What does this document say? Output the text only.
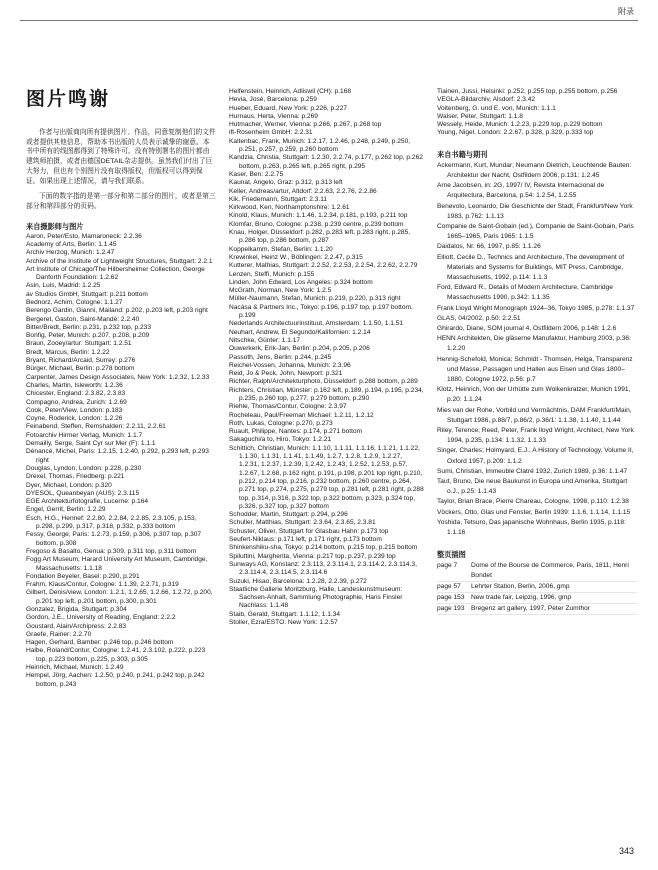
附录
图片鸣谢

作者与出版商向所有提供图片、作品，同意复制他们的文件或者提供其他信息，帮助本书出版的人员表示诚挚的谢意。本书中所有的线图都得到了特殊许可。没有特别署名的图片都由建筑师拍摄，或者由德国DETAIL杂志提供。虽然我们付出了巨大努力，但也有个别图片没有取得版权，但版权可以得到保证。如果出现上述情况，请与我们联系。

下面的数字指的是第一部分和第二部分的图片，或者是第三部分和第四部分的页码。

来自摄影师与图片

Aaron, Peter/Esto, Mamaroneck: 2.2.36

Academy of Arts, Berlin: 1.1.45

Archiv Herzog, Munich: 1.2.47

Archive of the Institute of Lightweight Structures, Stuttgart: 2.2.1

Art Institute of Chicago/The Hilbersheimer Collection, George Danforth Foundation: 1.2.62

Asin, Luis, Madrid: 1.2.25

av Studios GmbH, Stuttgart: p.211 bottom

Bednorz, Achim, Cologne: 1.1.27

Berengo Gardin, Gianni, Mailand: p.202, p.203 left, p.203 right

Bergeret, Gaston, Saint-Mandé: 2.2.40

Bitter/Bredt, Berlin: p.231, p.232 top, p.233

Bonfig, Peter, Munich: p.207, p.208, p.209

Braun, Zooey/artur: Stuttgart: 1.2.51

Bredt, Marcus, Berlin: 1.2.22

Bryant, Richard/Arcaid, Surrey: p.276

Bürger, Michael, Berlin: p.278 bottom

Carpenter, James Design Associates, New York: 1.2.32, 1.2.33

Charles, Martin, Isleworth: 1.2.36

Chicester, England: 2.3.82, 2.3.83

Compagno, Andrea, Zurich: 1.2.69

Cook, Peter/View, London: p.183

Coyne, Roderick, London: 1.2.26

Feinabend, Steffen, Remshalden: 2.2.11, 2.2.61

Fotoarchiv Hirmer Verlag, Munich: 1.1.7

Demailly, Serge, Saint Cyr sur Mer (F): 1.1.1

Dénancé, Michel, Paris: 1.2.15, 1.2.40, p.292, p.293 left, p.293 right

Douglas, Lyndon, London: p.228, p.230

Drexel, Thomas, Friedberg: p.221

Dyer, Michael, London: p.320

DYESOL, Queanbeyan (AUS): 2.3.115

EGE Architekturfotografie, Lucerne: p.164

Engel, Gerrit, Berlin: 1.2.29

Esch, H.G., Hennef: 2.2.80, 2.2.84, 2.2.85, 2.3.105, p.153, p.298, p.299, p.317, p.318, p.332, p.333 bottom

Fessy, George, Paris: 1.2.73, p.159, p.306, p.307 top, p.307 bottom, p.308

Fregoso & Basalto, Genua: p.309, p.311 top, p.311 bottom

Fogg Art Museum, Harard University Art Museum, Cambridge, Massachusetts: 1.1.18

Fondation Beyeler, Basel: p.290, p.291

Frahm, Klaus/Contur, Cologne: 1.1.39, 2.2.71, p.319

Gilbert, Denis/view, London: 1.2.1, 1.2.65, 1.2.66, 1.2.72, p.200, p.201 top left, p.201 bottom, p.300, p.301

Gonzalez, Brigida, Stuttgart: p.304

Gordon, J.E., University of Reading, England: 2.2.2

Goustard, Alain/Archipress: 2.2.83

Graefe, Rainer: 2.2.70

Hagen, Gerhard, Bamber: p.246 top, p.246 bottom

Halbe, Roland/Contur, Cologne: 1.2.41, 2.3.102, p.222, p.223 top, p.223 bottom, p.225, p.303, p.305

Heinrich, Michael, Munich: 1.2.49

Hempel, Jörg, Aachen: 1.2.50, p.240, p.241, p.242 top, p.242 bottom, p.243

Helfenstein, Heinrich, Adliswil (CH): p.168

Hevia, José, Barcelona: p.259

Hueber, Eduard, New York: p.226, p.227

Hurnaus, Herta, Vienna: p.269

Hutmacher, Werner, Vienna: p.266, p.267, p.268 top

ift-Rosenheim GmbH: 2.2.31

Kaltenbac, Frank, Munich: 1.2.17, 1.2.46, p.248, p.249, p.250, p.251, p.257, p.259, p.260 bottom

Kandzia, Christia, Stuttgart: 1.2.30, 2.2.74, p.177, p.262 top, p.262 bottom, p.263, p.265 left, p.265 right, p.295

Kaser, Ben: 2.2.75

Kaunat, Angelo, Graz: p.312, p.313 left

Keller, Andreas/artur, Altdorf: 2.2.63, 2.2.76, 2.2.86

Kik, Friedemann, Stuttgart: 2.3.11

Kirkwood, Ken, Northamptonshire: 1.2.61

Kinold, Klaus, Munich: 1.1.46, 1.2.34, p.181, p.193, p.211 top

Klomfar, Bruno, Cologne: p.238, p.239 centre, p.239 bottom

Knau, Holger, Düsseldorf: p.282, p.283 left, p.283 right, p.285, p.286 top, p.286 bottom, p.287

Koppelkamm, Stefan, Berlin: 1.1.20

Krewinkel, Heinz W., Böblingen: 2.2.47, p.315

Kutterer, Mathias, Stuttgart: 2.2.52, 2.2.53, 2.2.54, 2.2.62, 2.2.79

Lenzen, Steffi, Munich: p.155

Linden, John Edward, Los Angeles: p.324 bottom

McGrath, Norman, New York: 1.2.5

Müller-Naumann, Stefan, Munich: p.219, p.220, p.313 right

Nacása & Partners Inc., Tokyo: p.196, p.197 top, p.197 bottom, p.199

Nederlands Architectuurinstituut, Amsterdam: 1.1.50, 1.1.51

Neuhart, Andrew, El Segundo/Kalifornien: 1.2.14

Nitschke, Günter: 1.1.17

Ouwerkerk, Erik-Jan, Berlin: p.204, p.205, p.206

Passoth, Jens, Berlin: p.244, p.245

Reichel-Vossen, Johanna, Munich: 2.3.96

Reid, Jo & Peck, John, Newport: p.321

Richter, Ralph/Architekturphoto, Düsseldorf: p.288 bottom, p.289

Richters, Christian, Münster: p.162 left, p.189, p.194, p.195, p.234, p.235, p.260 top, p.277, p.279 bottom, p.290

Riehle, Thomas/Contur, Cologne: 2.3.97

Rocheleau, Paul/Freeman Michael: 1.2.11, 1.2.12

Roth, Lukas, Cologne: p.270, p.273

Ruault, Philippe, Nantes: p.174, p.271 bottom

Sakaguchi/a to, Hiro, Tokyo: 1.2.21

Schittich, Christian, Munich: 1.1.10, 1.1.11, 1.1.16, 1.1.21, 1.1.22, 1.1.30, 1.1.31, 1.1.41, 1.1.49, 1.2.7, 1.2.8, 1.2.9, 1.2.27, 1.2.31, 1.2.37, 1.2.39, 1.2.42, 1.2.43, 1.2.52, 1.2.53, p.57, 1.2.67, 1.2.68, p.162 right, p.191, p.198, p.201 top right, p.210, p.212, p.214 top, p.216, p.232 bottom, p.260 centre, p.264, p.271 top, p.274, p.275, p.279 top, p.281 left, p.281 right, p.288 top, p.314, p.316, p.322 top, p.322 bottom, p.323, p.324 top, p.326, p.327 top, p.327 bottom

Schodder, Martin, Stuttgart: p.294, p.296

Schuller, Matthias, Stuttgart: 2.3.64, 2.3.65, 2.3.81

Schuster, Oliver, Stuttgart for Glasbau Hahn: p.173 top

Seufert-Niklaus: p.171 left, p.171 right, p.173 bottom

Shinkenshiku-sha, Tokyo: p.214 bottom, p.215 top, p.215 bottom

Spiluttini, Margherita, Vienna: p.217 top, p.237, p.239 top

Sunways AG, Konstanz: 2.3.113, 2.3.114.1, 2.3.114.2, 2.3.114.3, 2.3.114.4, 2.3.114.5, 2.3.114.6

Suzuki, Hisao, Barcelona: 1.2.28, 2.2.39, p.272

Staatliche Gallerie Moritzburg, Halle, Landeskunstmuseum: Sachsen-Anhalt, Sammlung Photographie, Hans Finsler Nachlass: 1.1.48

Staib, Gerald, Stuttgart: 1.1.12, 1.1.34

Stoller, Ezra/ESTO: New York: 1.2.57

Tiainen, Jussi, Helsinki: p.252, p.255 top, p.255 bottom, p.256

VEGLA-Bildarchiv, Alsdorf: 2.3.42

Voitenberg, G. und E. von, Munich: 1.1.1

Walser, Peter, Stuttgart: 1.1.8

Wessely, Heide, Munich: 1.2.23, p.229 top, p.229 bottom

Young, Nigel, London: 2.2.67, p.328, p.329, p.333 top

来自书籍与期刊

Ackermann, Kurt, Mundar; Neumann Dietrich, Leuchtende Bauten: Architektur der Nacht, Ostfildern 2006, p.131: 1.2.45

Arne Jacobsen, in: 2G, 1997/ IV, Revista Internacional de Arquitectura, Barcelona, p.54: 1.2.54, 1.2.55

Benevolo, Leonardo, Die Geschichte der Stadt, Frankfurt/New York 1983, p.762: 1.1.13

Companie de Saint-Gobain (ed.), Companie de Saint-Gobain, Paris 1665–1965, Paris 1965: 1.1.5

Daidalos, Nr. 66, 1997, p.85: 1.1.26

Elliott, Cecile D., Technics and Architecture, The development of Materials and Systems for Buildings, MIT Press, Cambridge, Massachusetts, 1992, p.114: 1.1.3

Ford, Edward R., Details of Modern Architecture, Cambridge Massachusetts 1990, p.342: 1.1.35

Frank Lloyd Wright Monograph 1924–36, Tokyo 1985, p.278: 1.1.37

GLAS, 04/2002, p.50: 2.2.51

Ghirardo, Diane, SOM journal 4, Ostfildern 2006, p.148: 1.2.6

HENN Architekten, Die gläserne Manufaktur, Hamburg 2003, p.36: 1.2.20

Hennig-Schefold, Monica; Schmidt - Thomsen, Helga, Transparenz und Masse, Passagen und Hallen aus Eisen und Glas 1800–1880, Cologne 1972, p.56: p.7

Klotz, Heinrich, Von der Urhütte zum Wolkenkratzer, Munich 1991, p.20: 1.1.24

Mies van der Rohe, Vorbild und Vermächtnis, DAM Frankfurt/Main, Stuttgart 1986, p.88/7, p.86/2, p.36/1: 1.1.38, 1.1.40, 1.1.44

Riley, Terence; Reed, Peter, Frank lloyd Wright, Architect, New York 1994, p.235, p.134: 1.1.32, 1.1.33

Singer, Charles; Holmyard, E.J., A History of Technology, Volume II, Oxford 1957, p.209: 1.1.2

Sumi, Christian, Immeuble Clatré 1932, Zurich 1989, p.36: 1.1.47

Taut, Bruno, Die neue Baukunst in Europa und Amerika, Stuttgart o.J., p.25: 1.1.43

Taylor, Brian Brace, Pierre Chareau, Cologne, 1998, p.110: 1.2.38

Vöckers, Otto, Glas und Fenster, Berlin 1939: 1.1.6, 1.1.14, 1.1.15

Yoshida, Tetsuro, Das japanische Wohnhaus, Berlin 1935, p.118: 1.1.16

整页插图
page 7	Dome of the Bourse de Commerce, Paris, 1811, Henri Bondet
page 57	Lehrter Station, Berlin, 2006, gmp
page 153 New trade fair, Leipzig, 1996, gmp
page 193 Bregenz art gallery, 1997, Peter Zumthor
343
